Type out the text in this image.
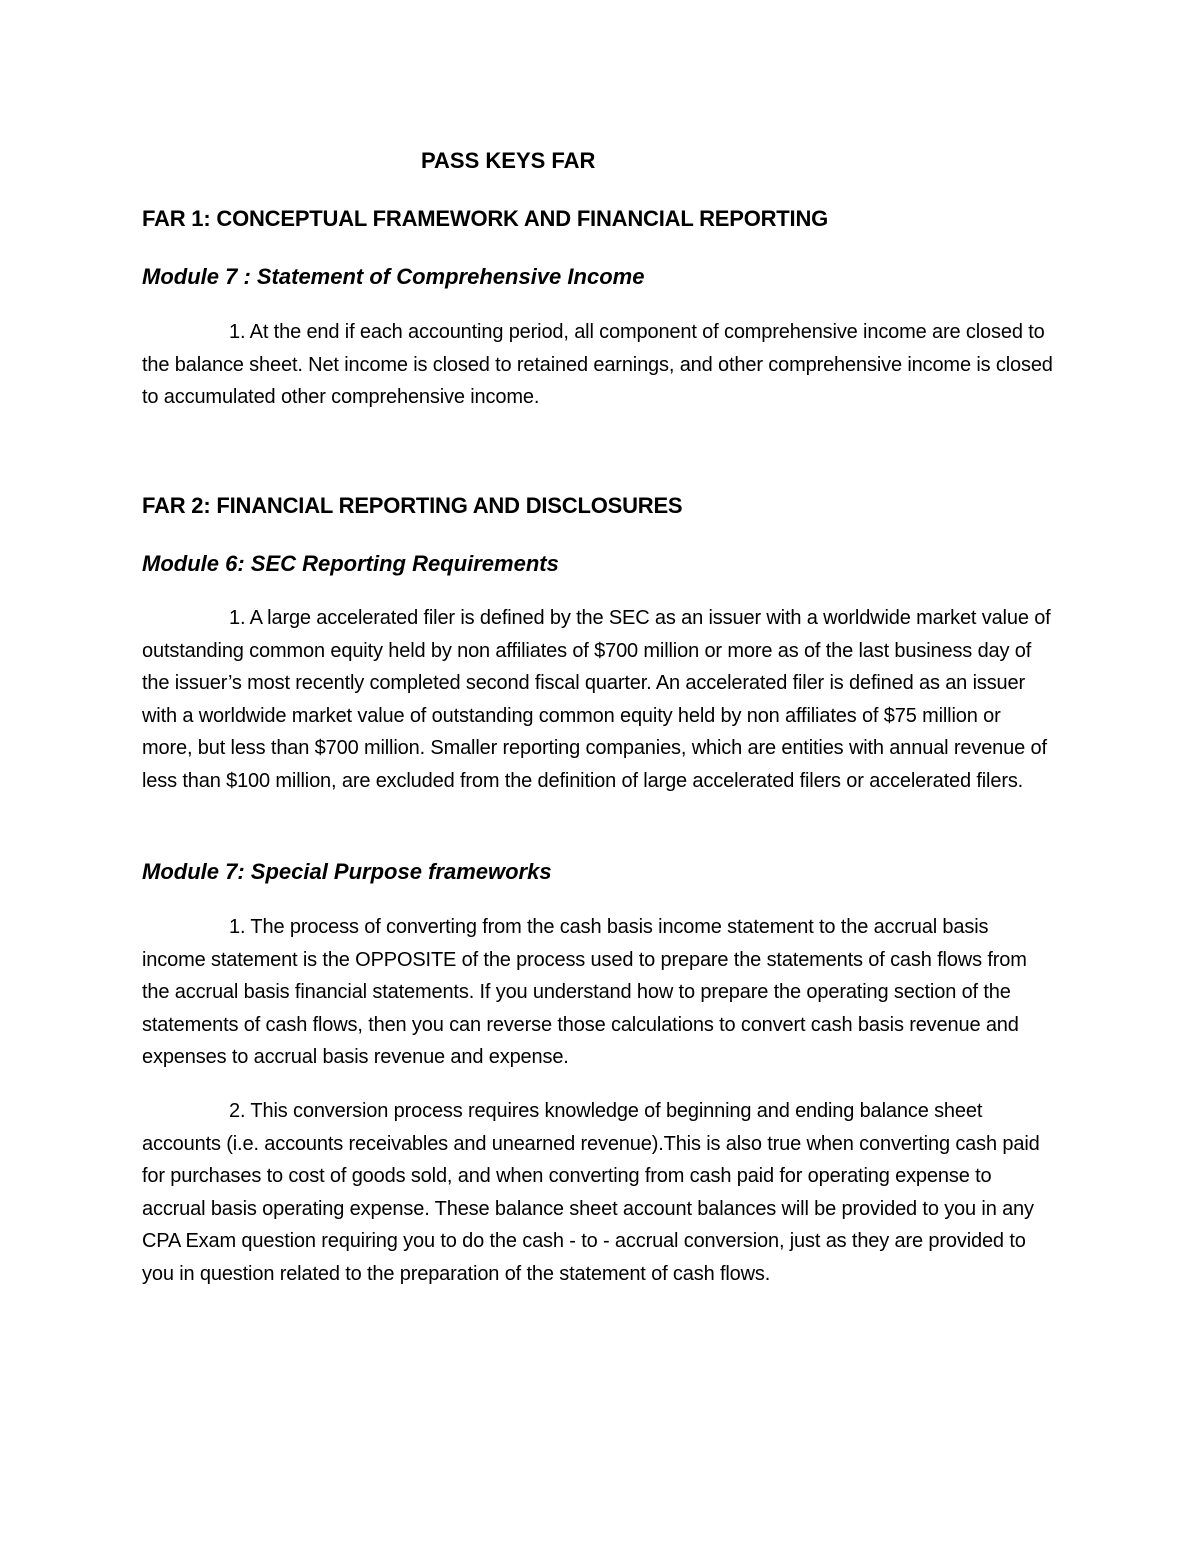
PASS KEYS FAR
FAR 1: CONCEPTUAL FRAMEWORK AND FINANCIAL REPORTING
Module 7 : Statement of Comprehensive Income

1. At the end if each accounting period, all component of comprehensive income are closed to the balance sheet. Net income is closed to retained earnings, and other comprehensive income is closed to accumulated other comprehensive income.

FAR 2: FINANCIAL REPORTING AND DISCLOSURES
Module 6: SEC Reporting Requirements

1. A large accelerated filer is defined by the SEC as an issuer with a worldwide market value of outstanding common equity held by non affiliates of $700 million or more as of the last business day of the issuer’s most recently completed second fiscal quarter. An accelerated filer is defined as an issuer with a worldwide market value of outstanding common equity held by non affiliates of $75 million or more, but less than $700 million. Smaller reporting companies, which are entities with annual revenue of less than $100 million, are excluded from the definition of large accelerated filers or accelerated filers.

Module 7: Special Purpose frameworks

1. The process of converting from the cash basis income statement to the accrual basis income statement is the OPPOSITE of the process used to prepare the statements of cash flows from the accrual basis financial statements. If you understand how to prepare the operating section of the statements of cash flows, then you can reverse those calculations to convert cash basis revenue and expenses to accrual basis revenue and expense.

2. This conversion process requires knowledge of beginning and ending balance sheet accounts (i.e. accounts receivables and unearned revenue).This is also true when converting cash paid for purchases to cost of goods sold, and when converting from cash paid for operating expense to accrual basis operating expense. These balance sheet account balances will be provided to you in any CPA Exam question requiring you to do the cash - to - accrual conversion, just as they are provided to you in question related to the preparation of the statement of cash flows.
